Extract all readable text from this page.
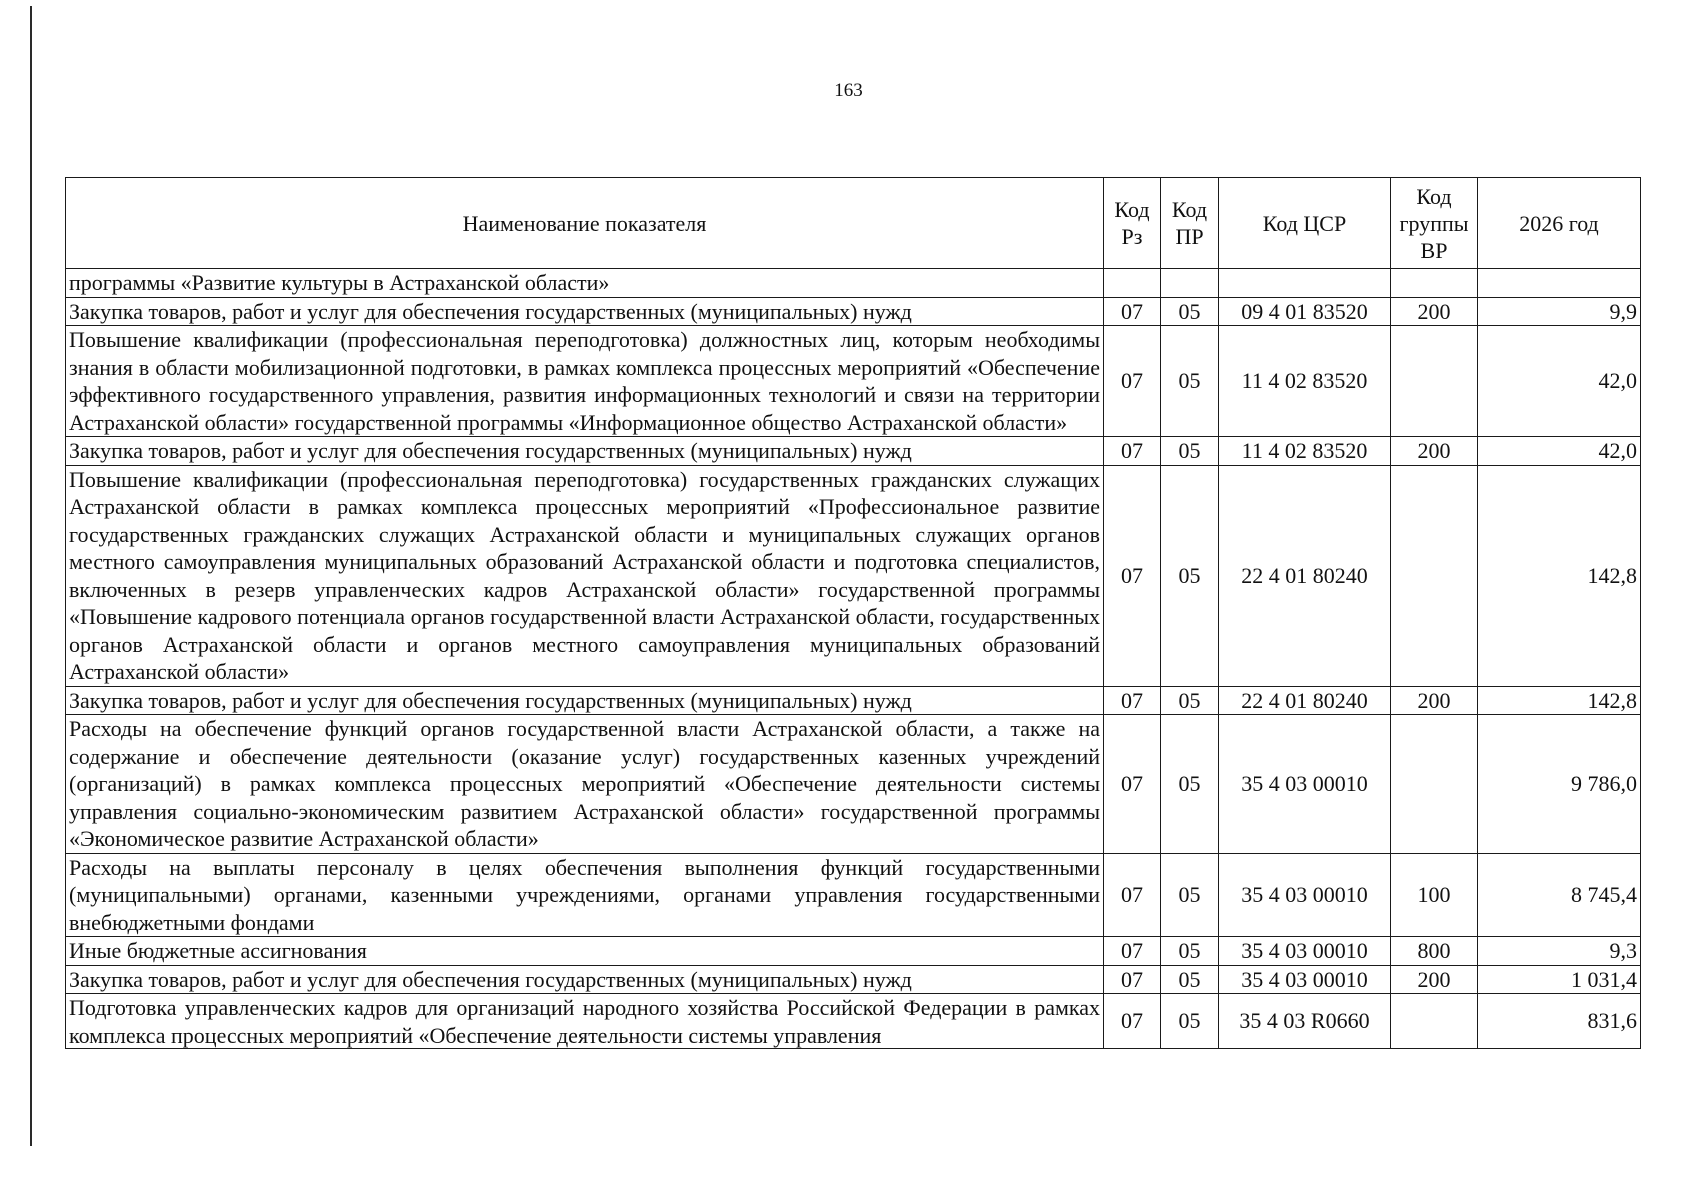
163
Наименование показателя	Код Рз	Код ПР	Код ЦСР	Код группы ВР	2026 год
программы «Развитие культуры в Астраханской области»					
Закупка товаров, работ и услуг для обеспечения государственных (муниципальных) нужд	07	05	09 4 01 83520	200	9,9
Повышение квалификации (профессиональная переподготовка) должностных лиц, которым необходимы знания в области мобилизационной подготовки, в рамках комплекса процессных мероприятий «Обеспечение эффективного государственного управления, развития информационных технологий и связи на территории Астраханской области» государственной программы «Информационное общество Астраханской области»	07	05	11 4 02 83520		42,0
Закупка товаров, работ и услуг для обеспечения государственных (муниципальных) нужд	07	05	11 4 02 83520	200	42,0
Повышение квалификации (профессиональная переподготовка) государственных гражданских служащих Астраханской области в рамках комплекса процессных мероприятий «Профессиональное развитие государственных гражданских служащих Астраханской области и муниципальных служащих органов местного самоуправления муниципальных образований Астраханской области и подготовка специалистов, включенных в резерв управленческих кадров Астраханской области» государственной программы «Повышение кадрового потенциала органов государственной власти Астраханской области, государственных органов Астраханской области и органов местного самоуправления муниципальных образований Астраханской области»	07	05	22 4 01 80240		142,8
Закупка товаров, работ и услуг для обеспечения государственных (муниципальных) нужд	07	05	22 4 01 80240	200	142,8
Расходы на обеспечение функций органов государственной власти Астраханской области, а также на содержание и обеспечение деятельности (оказание услуг) государственных казенных учреждений (организаций) в рамках комплекса процессных мероприятий «Обеспечение деятельности системы управления социально-экономическим развитием Астраханской области» государственной программы «Экономическое развитие Астраханской области»	07	05	35 4 03 00010		9 786,0
Расходы на выплаты персоналу в целях обеспечения выполнения функций государственными (муниципальными) органами, казенными учреждениями, органами управления государственными внебюджетными фондами	07	05	35 4 03 00010	100	8 745,4
Иные бюджетные ассигнования	07	05	35 4 03 00010	800	9,3
Закупка товаров, работ и услуг для обеспечения государственных (муниципальных) нужд	07	05	35 4 03 00010	200	1 031,4

Подготовка управленческих кадров для организаций народного хозяйства Российской Федерации в рамках комплекса процессных мероприятий «Обеспечение деятельности системы управления	07	05	35 4 03 R0660		831,6
